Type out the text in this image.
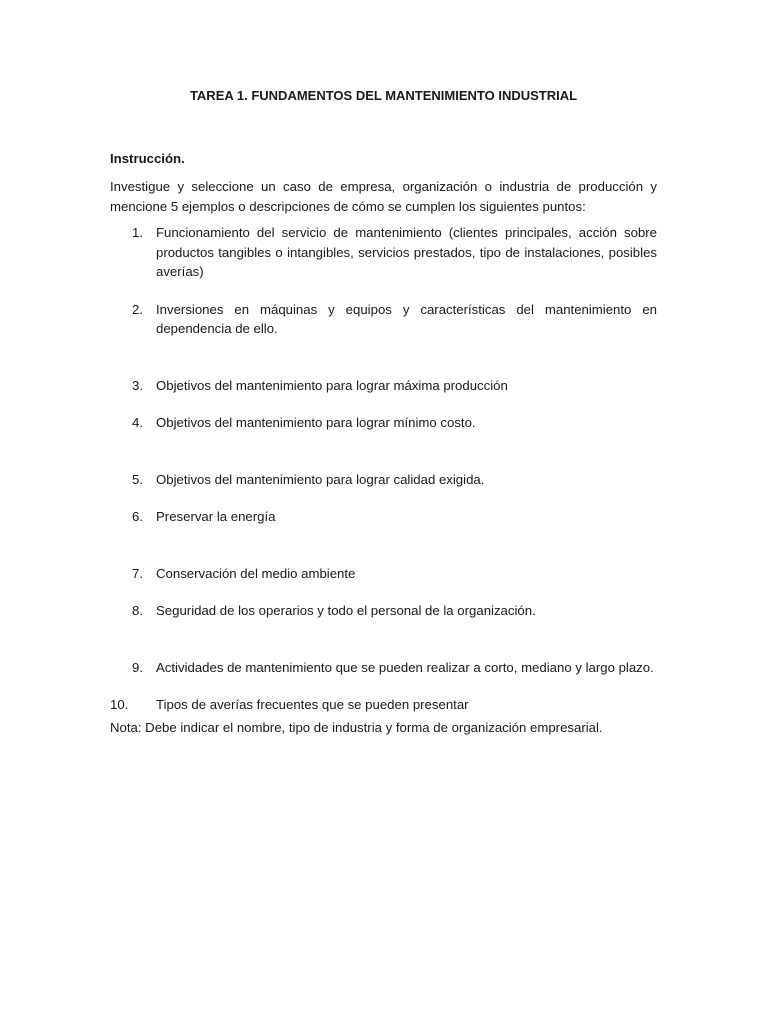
TAREA 1. FUNDAMENTOS DEL MANTENIMIENTO INDUSTRIAL
Instrucción.
Investigue y seleccione un caso de empresa, organización o industria de producción y mencione 5 ejemplos o descripciones de cómo se cumplen los siguientes puntos:
1. Funcionamiento del servicio de mantenimiento (clientes principales, acción sobre productos tangibles o intangibles, servicios prestados, tipo de instalaciones, posibles averías)
2. Inversiones en máquinas y equipos y características del mantenimiento en dependencia de ello.
3. Objetivos del mantenimiento para lograr máxima producción
4. Objetivos del mantenimiento para lograr mínimo costo.
5. Objetivos del mantenimiento para lograr calidad exigida.
6. Preservar la energía
7. Conservación del medio ambiente
8. Seguridad de los operarios y todo el personal de la organización.
9. Actividades de mantenimiento que se pueden realizar a corto, mediano y largo plazo.
10. Tipos de averías frecuentes que se pueden presentar
Nota: Debe indicar el nombre, tipo de industria y forma de organización empresarial.
